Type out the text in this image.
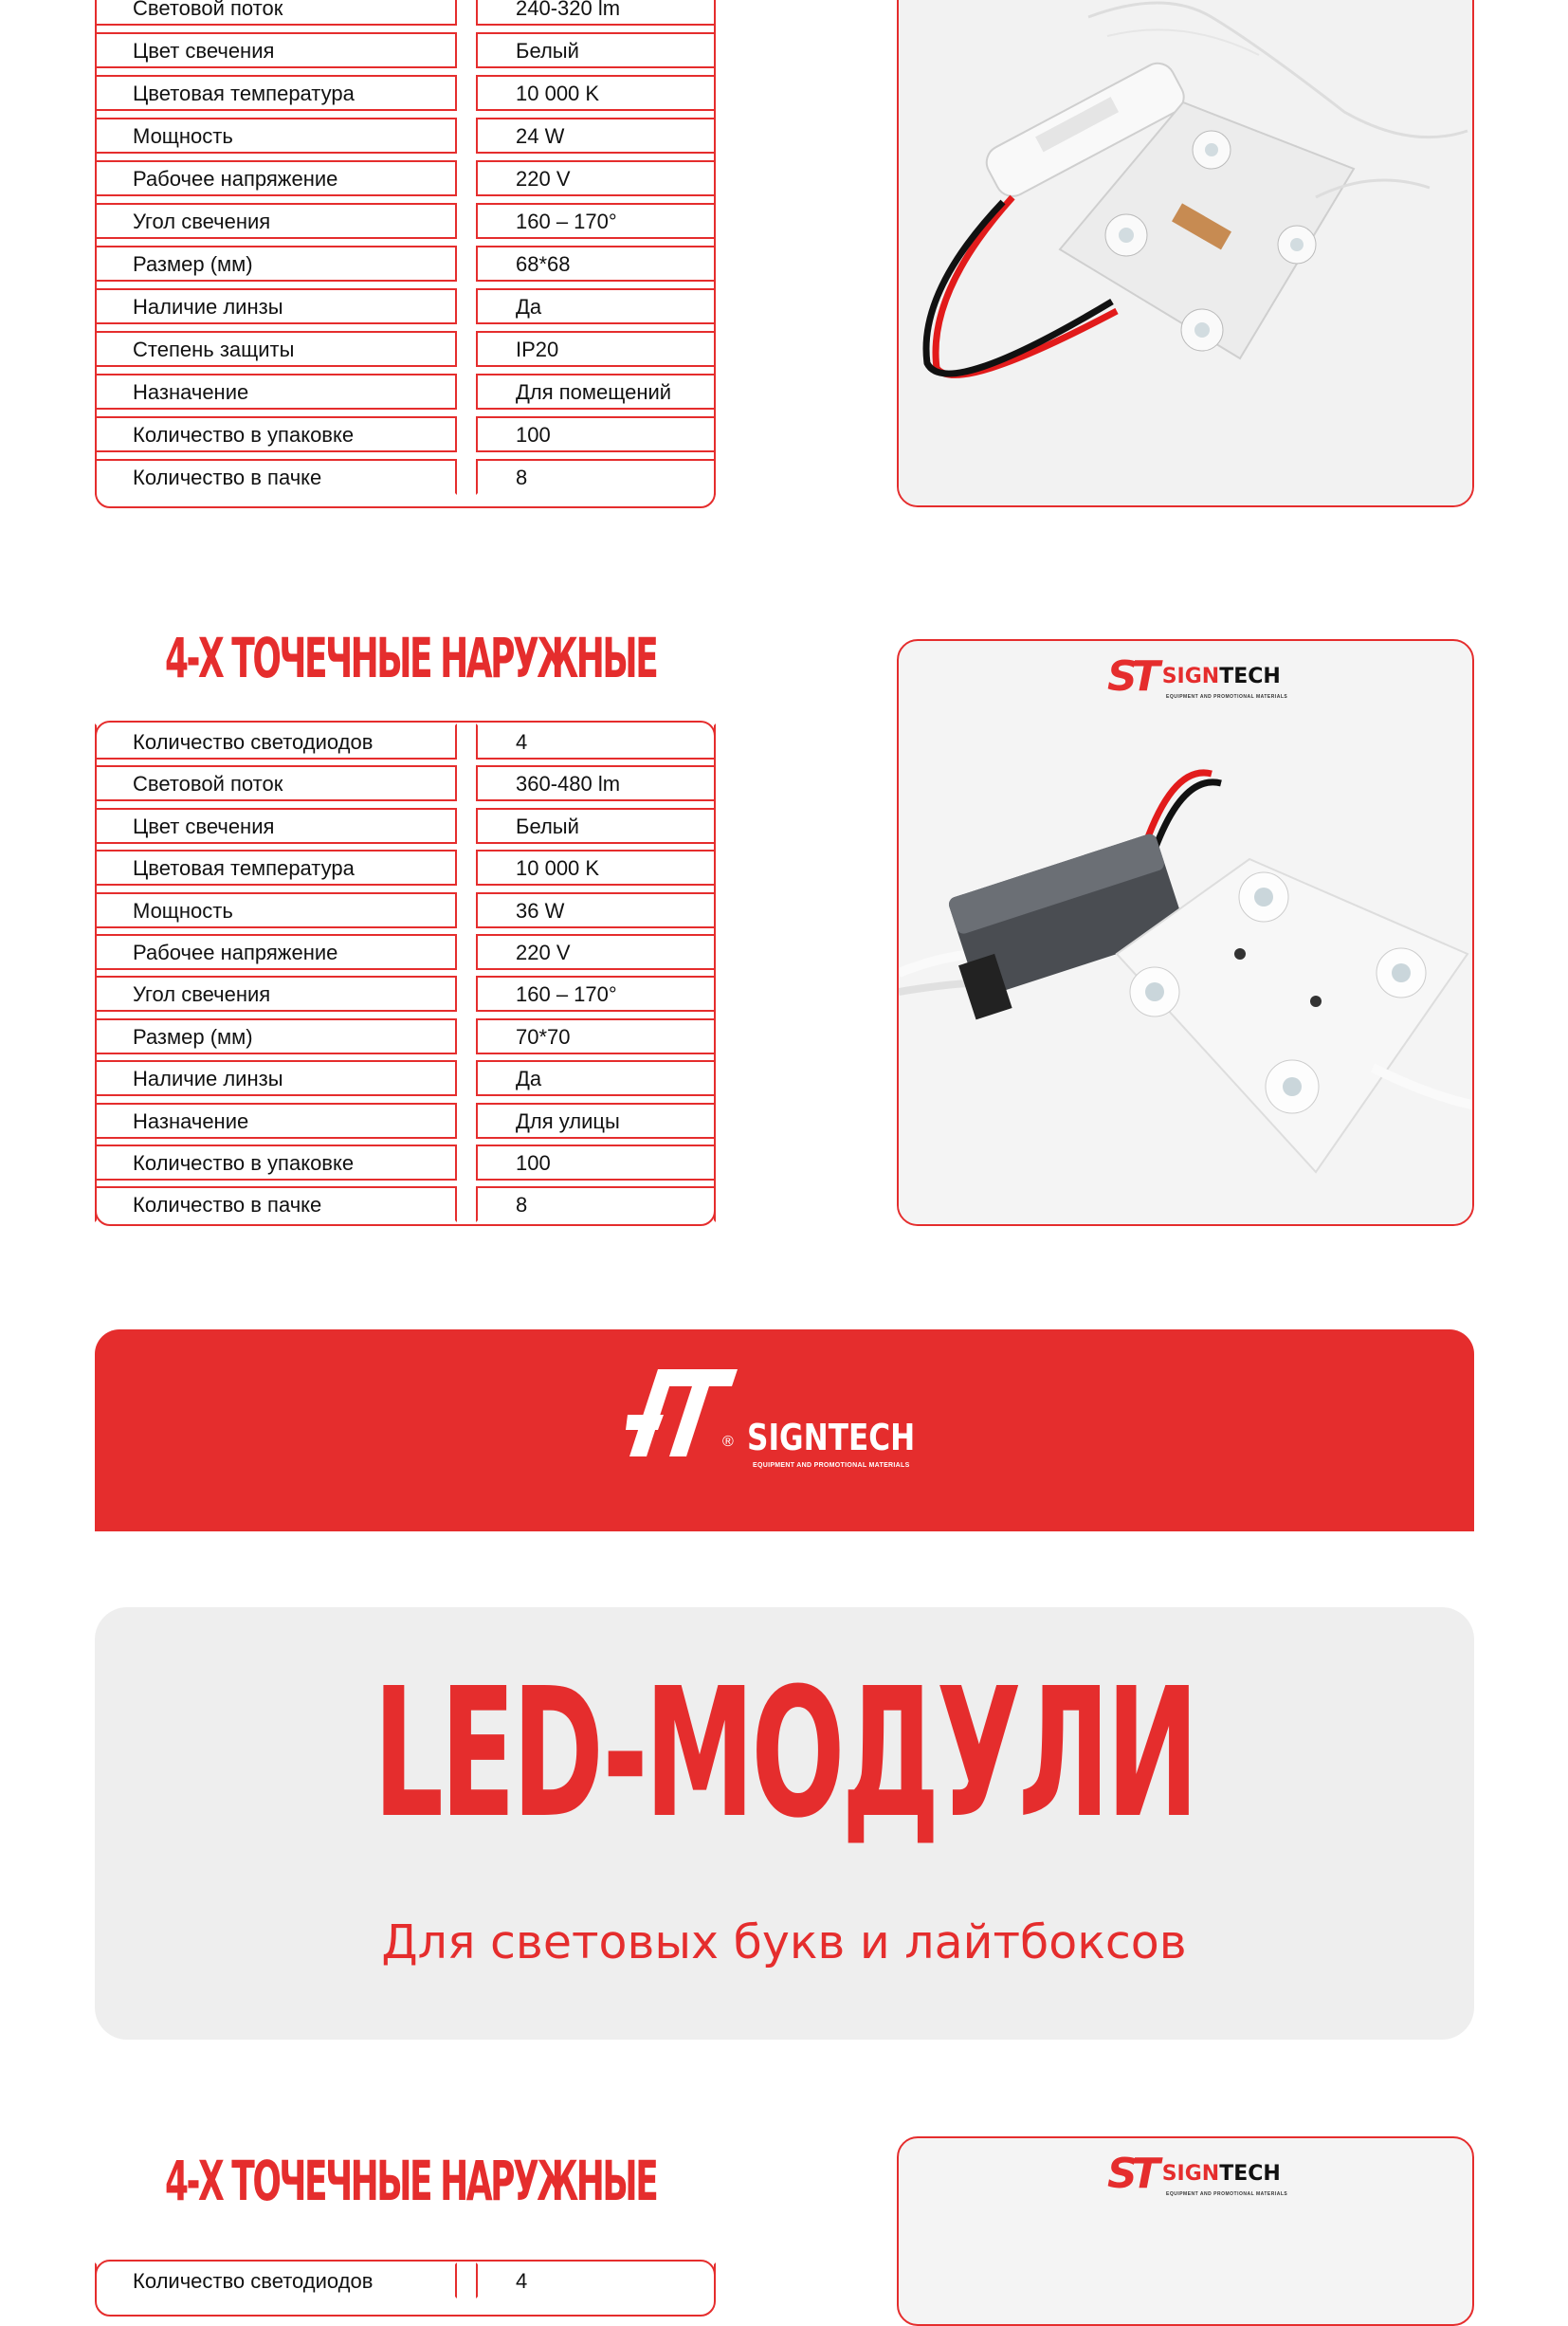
Световой поток	240-320 lm
Цвет свечения	Белый
Цветовая температура	10 000 K
Мощность	24 W
Рабочее напряжение	220 V
Угол свечения	160 – 170°
Размер (мм)	68*68
Наличие линзы	Да
Степень защиты	IP20
Назначение	Для помещений
Количество в упаковке	100
Количество в пачке	8
4-Х ТОЧЕЧНЫЕ НАРУЖНЫЕ
Количество светодиодов	4
Световой поток	360-480 lm
Цвет свечения	Белый
Цветовая температура	10 000 K
Мощность	36 W
Рабочее напряжение	220 V
Угол свечения	160 – 170°
Размер (мм)	70*70
Наличие линзы	Да
Назначение	Для улицы
Количество в упаковке	100
Количество в пачке	8
ST SIGNTECH
EQUIPMENT AND PROMOTIONAL MATERIALS
® SIGNTECH
EQUIPMENT AND PROMOTIONAL MATERIALS
LED-МОДУЛИ
Для световых букв и лайтбоксов
4-Х ТОЧЕЧНЫЕ НАРУЖНЫЕ
Количество светодиодов	4
ST SIGNTECH
EQUIPMENT AND PROMOTIONAL MATERIALS
